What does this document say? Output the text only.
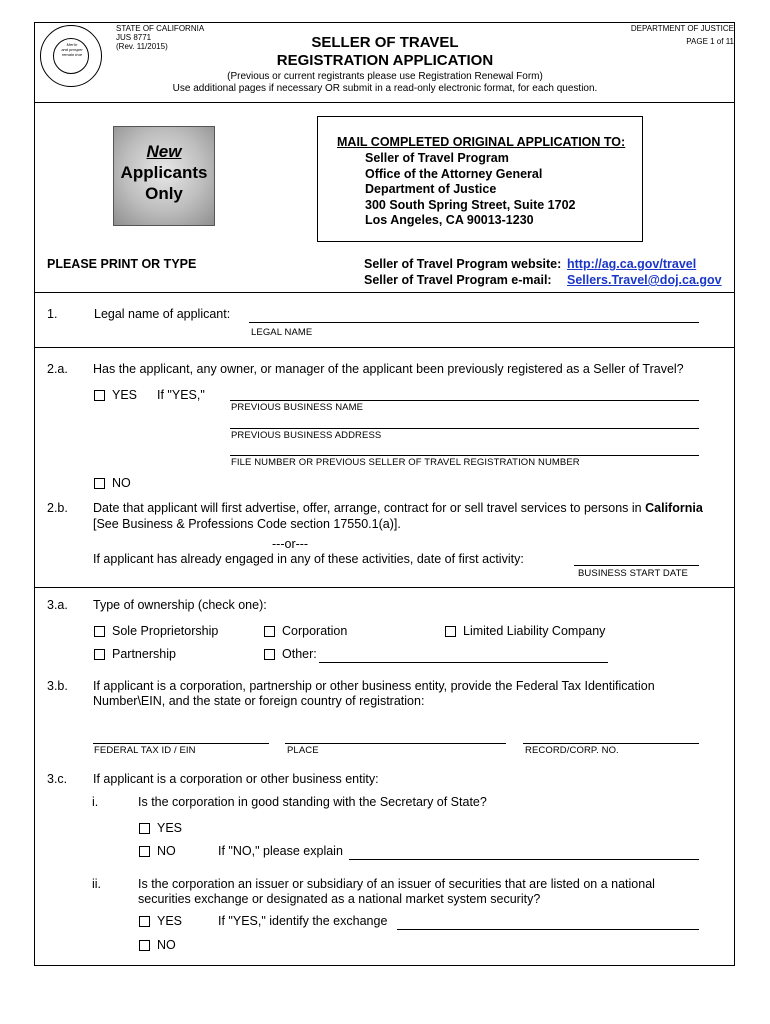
Mer'in
and prosper
remain true
STATE OF CALIFORNIA
JUS 8771
(Rev. 11/2015)
DEPARTMENT OF JUSTICE
PAGE 1 of 11
SELLER OF TRAVEL
REGISTRATION APPLICATION
(Previous or current registrants please use Registration Renewal Form)
Use additional pages if necessary OR submit in a read-only electronic format, for each question.
New
Applicants
Only
MAIL COMPLETED ORIGINAL APPLICATION TO:
Seller of Travel Program
Office of the Attorney General
Department of Justice
300 South Spring Street, Suite 1702
Los Angeles, CA 90013-1230
PLEASE PRINT OR TYPE	Seller of Travel Program website: http://ag.ca.gov/travel
Seller of Travel Program e-mail: Sellers.Travel@doj.ca.gov
1.	Legal name of applicant:
LEGAL NAME
2.a. Has the applicant, any owner, or manager of the applicant been previously registered as a Seller of Travel?
YES If "YES,"
PREVIOUS BUSINESS NAME
PREVIOUS BUSINESS ADDRESS
FILE NUMBER OR PREVIOUS SELLER OF TRAVEL REGISTRATION NUMBER
NO
2.b. Date that applicant will first advertise, offer, arrange, contract for or sell travel services to persons in California
[See Business & Professions Code section 17550.1(a)].
---or---
If applicant has already engaged in any of these activities, date of first activity:
BUSINESS START DATE
3.a. Type of ownership (check one):
Sole Proprietorship	Corporation	Limited Liability Company
Partnership	Other:
3.b. If applicant is a corporation, partnership or other business entity, provide the Federal Tax Identification
Number\EIN, and the state or foreign country of registration:
FEDERAL TAX ID / EIN	PLACE	RECORD/CORP. NO.
3.c. If applicant is a corporation or other business entity:
i.	Is the corporation in good standing with the Secretary of State?
YES
NO	If "NO," please explain
ii.	Is the corporation an issuer or subsidiary of an issuer of securities that are listed on a national
securities exchange or designated as a national market system security?
YES	If "YES," identify the exchange
NO
